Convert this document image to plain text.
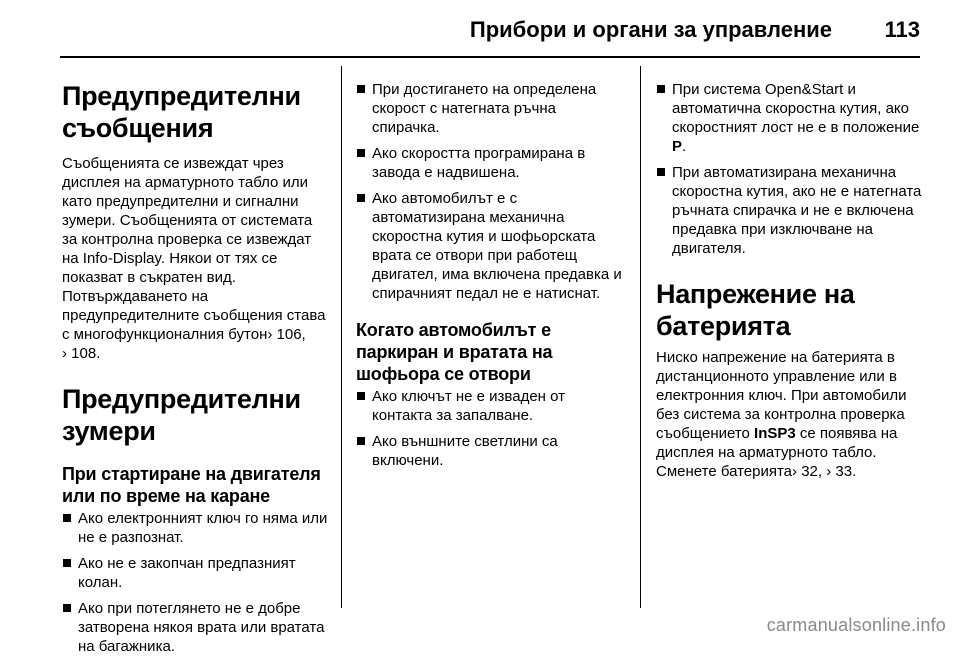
Прибори и органи за управление 113
Предупредителни съобщения

Съобщенията се извеждат чрез дисплея на арматурното табло или като предупредителни и сигнални зумери. Съобщенията от системата за контролна проверка се извеждат на Info-Display. Някои от тях се показват в съкратен вид. Потвърждаването на предупредителните съобщения става с многофункционалния бутон› 106, › 108.

Предупредителни зумери
При стартиране на двигателя или по време на каране
Ако електронният ключ го няма или не е разпознат.
Ако не е закопчан предпазният колан.
Ако при потеглянето не е добре затворена някоя врата или вратата на багажника.
При достигането на определена скорост с натегната ръчна спирачка.
Ако скоростта програмирана в завода е надвишена.
Ако автомобилът е с автоматизирана механична скоростна кутия и шофьорската врата се отвори при работещ двигател, има включена предавка и спирачният педал не е натиснат.
Когато автомобилът е паркиран и вратата на шофьора се отвори
Ако ключът не е изваден от контакта за запалване.
Ако външните светлини са включени.
При система Open&Start и автоматична скоростна кутия, ако скоростният лост не е в положение P.
При автоматизирана механична скоростна кутия, ако не е натегната ръчната спирачка и не е включена предавка при изключване на двигателя.
Напрежение на батерията

Ниско напрежение на батерията в дистанционното управление или в електронния ключ. При автомобили без система за контролна проверка съобщението InSP3 се появява на дисплея на арматурното табло. Сменете батерията› 32, › 33.

carmanualsonline.info
